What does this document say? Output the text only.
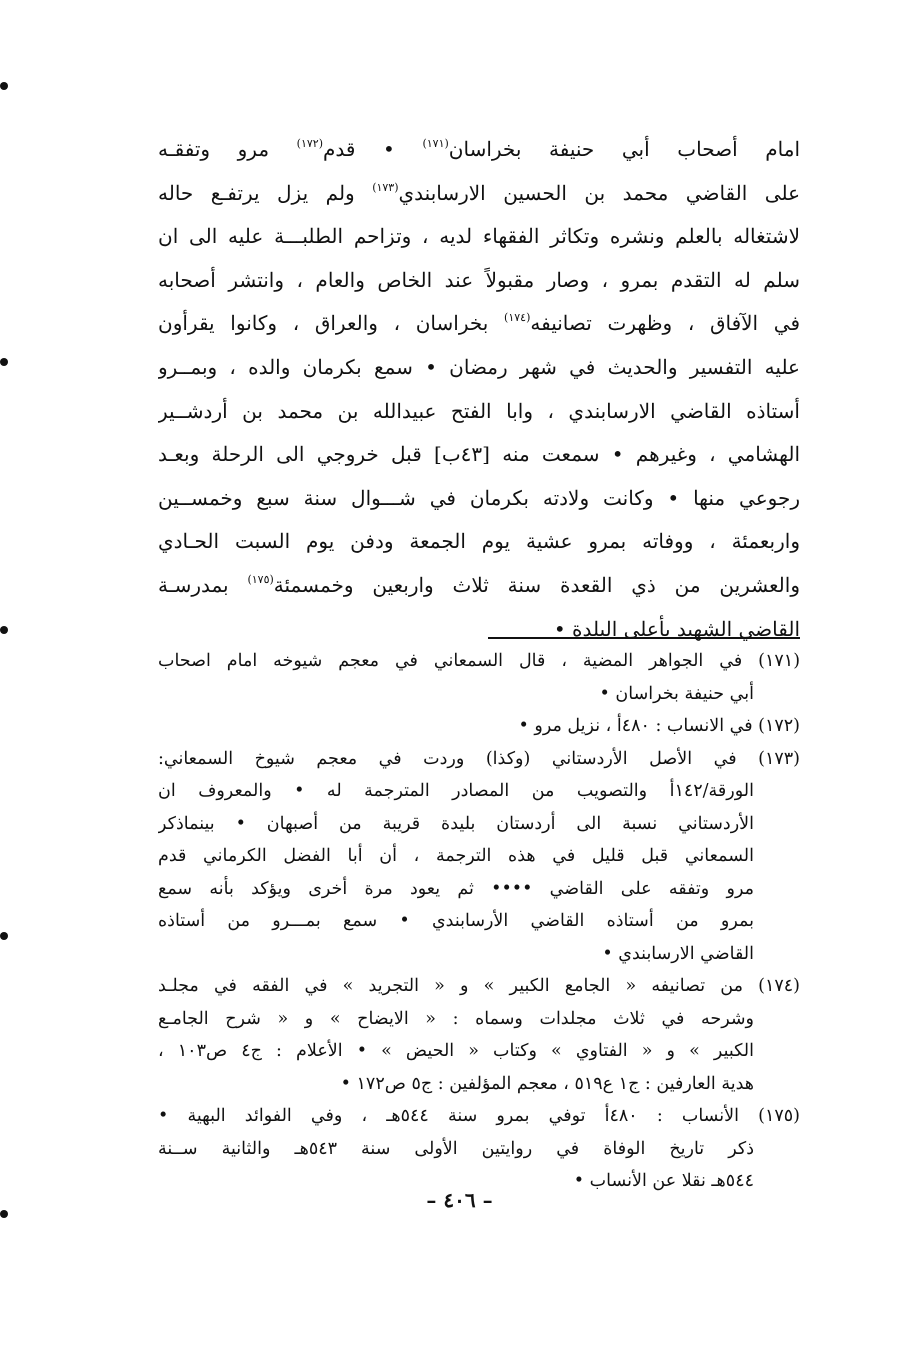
امام أصحاب أبي حنيفة بخراسان$^{(١٧١)}$ • قدم$^{(١٧٢)}$ مرو وتفقـه
على القاضي محمد بن الحسين الارسابندي$^{(١٧٣)}$ ولم يزل يرتفـع حاله
لاشتغاله بالعلم ونشره وتكاثر الفقهاء لديه ، وتزاحم الطلبـــة عليه الى ان
سلم له التقدم بمرو ، وصار مقبولاً عند الخاص والعام ، وانتشر أصحابه
في الآفاق ، وظهرت تصانيفه$^{(١٧٤)}$ بخراسان ، والعراق ، وكانوا يقرأون
عليه التفسير والحديث في شهر رمضان • سمع بكرمان والده ، وبمــرو
أستاذه القاضي الارسابندي ، وابا الفتح عبيدالله بن محمد بن أردشــير
الهشامي ، وغيرهم • سمعت منه [٤٣ب] قبل خروجي الى الرحلة وبعـد
رجوعي منها • وكانت ولادته بكرمان في شـــوال سنة سبع وخمســين
واربعمئة ، ووفاته بمرو عشية يوم الجمعة ودفن يوم السبت الحـادي
والعشرين من ذي القعدة سنة ثلاث واربعين وخمسمئة$^{(١٧٥)}$ بمدرسـة
القاضي الشهيد بأعلى البلدة •
(١٧١) في الجواهر المضية ، قال السمعاني في معجم شيوخه امام اصحاب
أبي حنيفة بخراسان •
(١٧٢) في الانساب : ٤٨٠أ ، نزيل مرو •
(١٧٣) في الأصل الأردستاني (وكذا) وردت في معجم شيوخ السمعاني:
الورقة/١٤٢أ والتصويب من المصادر المترجمة له • والمعروف ان
الأردستاني نسبة الى أردستان بليدة قريبة من أصبهان • بينماذكر
السمعاني قبل قليل في هذه الترجمة ، أن أبا الفضل الكرماني قدم
مرو وتفقه على القاضي •••• ثم يعود مرة أخرى ويؤكد بأنه سمع
بمرو من أستاذه القاضي الأرسابندي • سمع بمـــرو من أستاذه
القاضي الارسابندي •
(١٧٤) من تصانيفه « الجامع الكبير » و « التجريد » في الفقه في مجلـد
وشرحه في ثلاث مجلدات وسماه : « الايضاح » و « شرح الجامـع
الكبير » و « الفتاوي » وكتاب « الحيض » • الأعلام : ج٤ ص١٠٣ ،
هدية العارفين : ج١ ع٥١٩ ، معجم المؤلفين : ج٥ ص١٧٢ •
(١٧٥) الأنساب : ٤٨٠أ توفي بمرو سنة ٥٤٤هـ ، وفي الفوائد البهية •
ذكر تاريخ الوفاة في روايتين الأولى سنة ٥٤٣هـ والثانية ســنة
٥٤٤هـ نقلا عن الأنساب •
– ٤٠٦ –
